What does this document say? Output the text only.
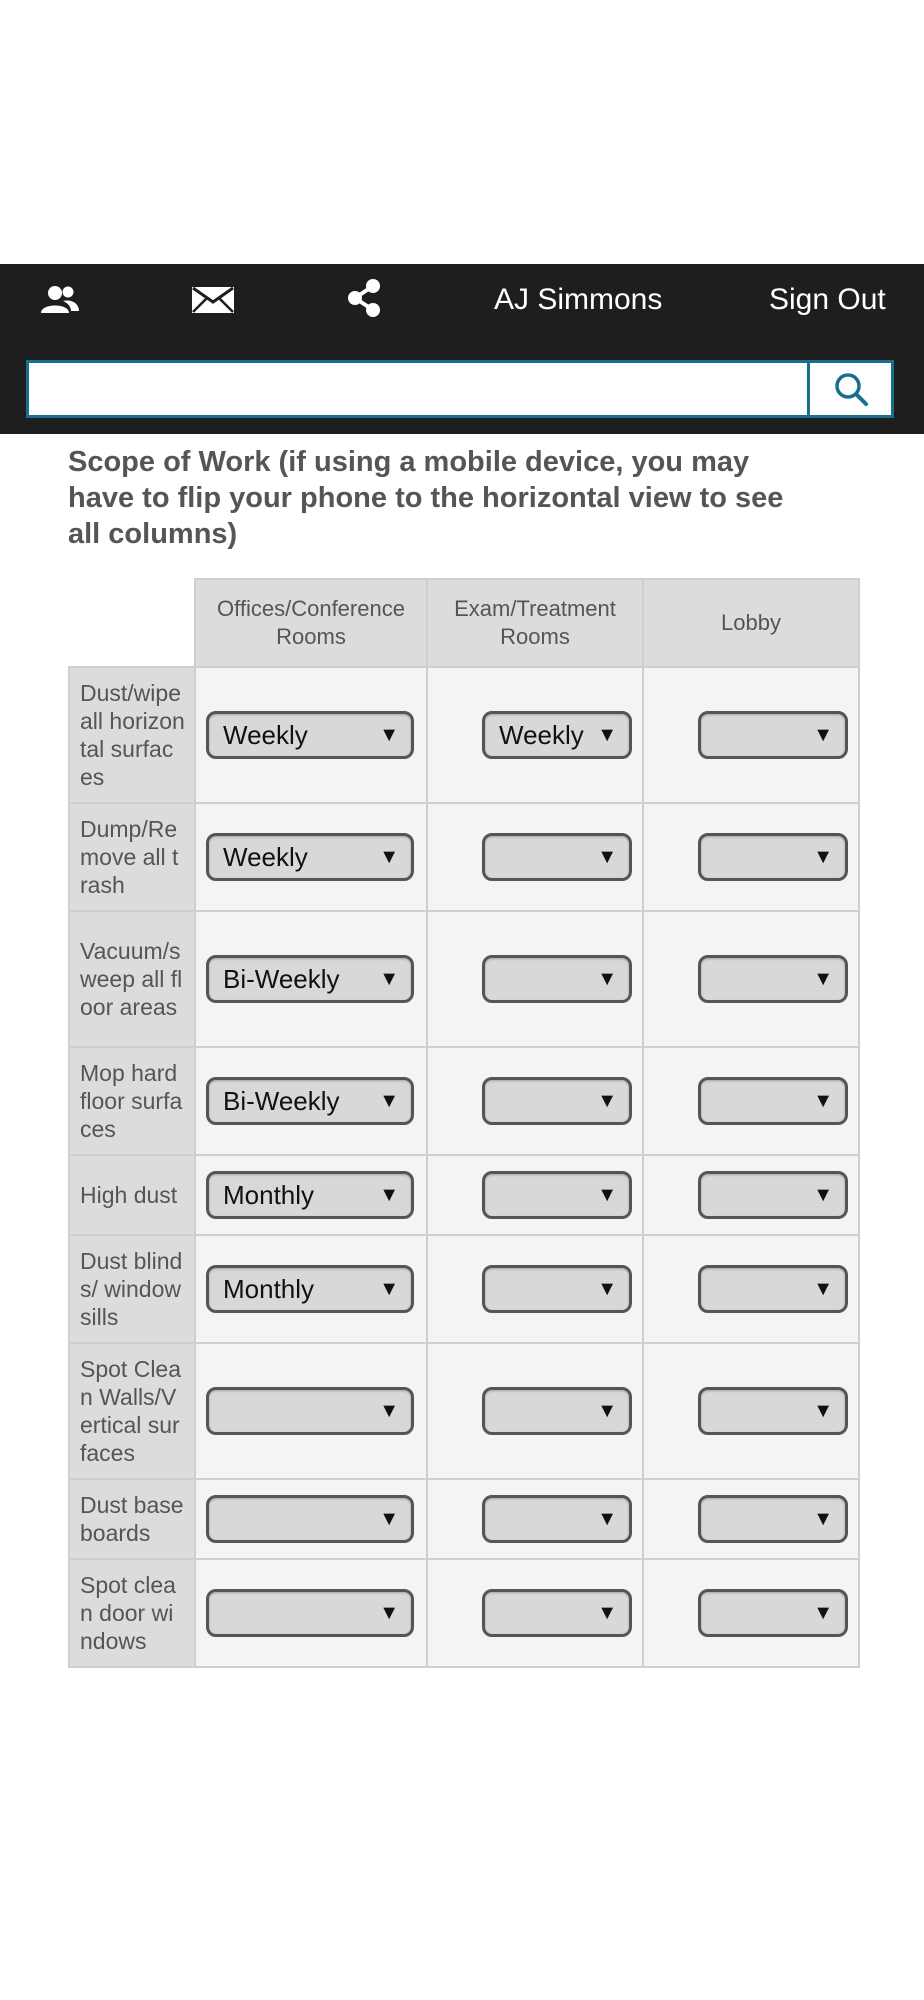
AJ Simmons	Sign Out
Scope of Work (if using a mobile device, you may have to flip your phone to the horizontal view to see all columns)
	Offices/Conference Rooms	Exam/Treatment Rooms	Lobby
Dust/wipe all horizontal surfaces	Weekly ▼	Weekly ▼	▼

Dump/Remove all trash	Weekly ▼	▼	▼

Vacuum/sweep all floor areas	Bi-Weekly ▼	▼	▼

Mop hard floor surfaces	Bi-Weekly ▼	▼	▼

High dust	Monthly ▼	▼	▼

Dust blinds/ window sills	Monthly ▼	▼	▼

Spot Clean Walls/Vertical surfaces	▼	▼	▼

Dust baseboards	▼	▼	▼

Spot clean door windows	▼	▼	▼
